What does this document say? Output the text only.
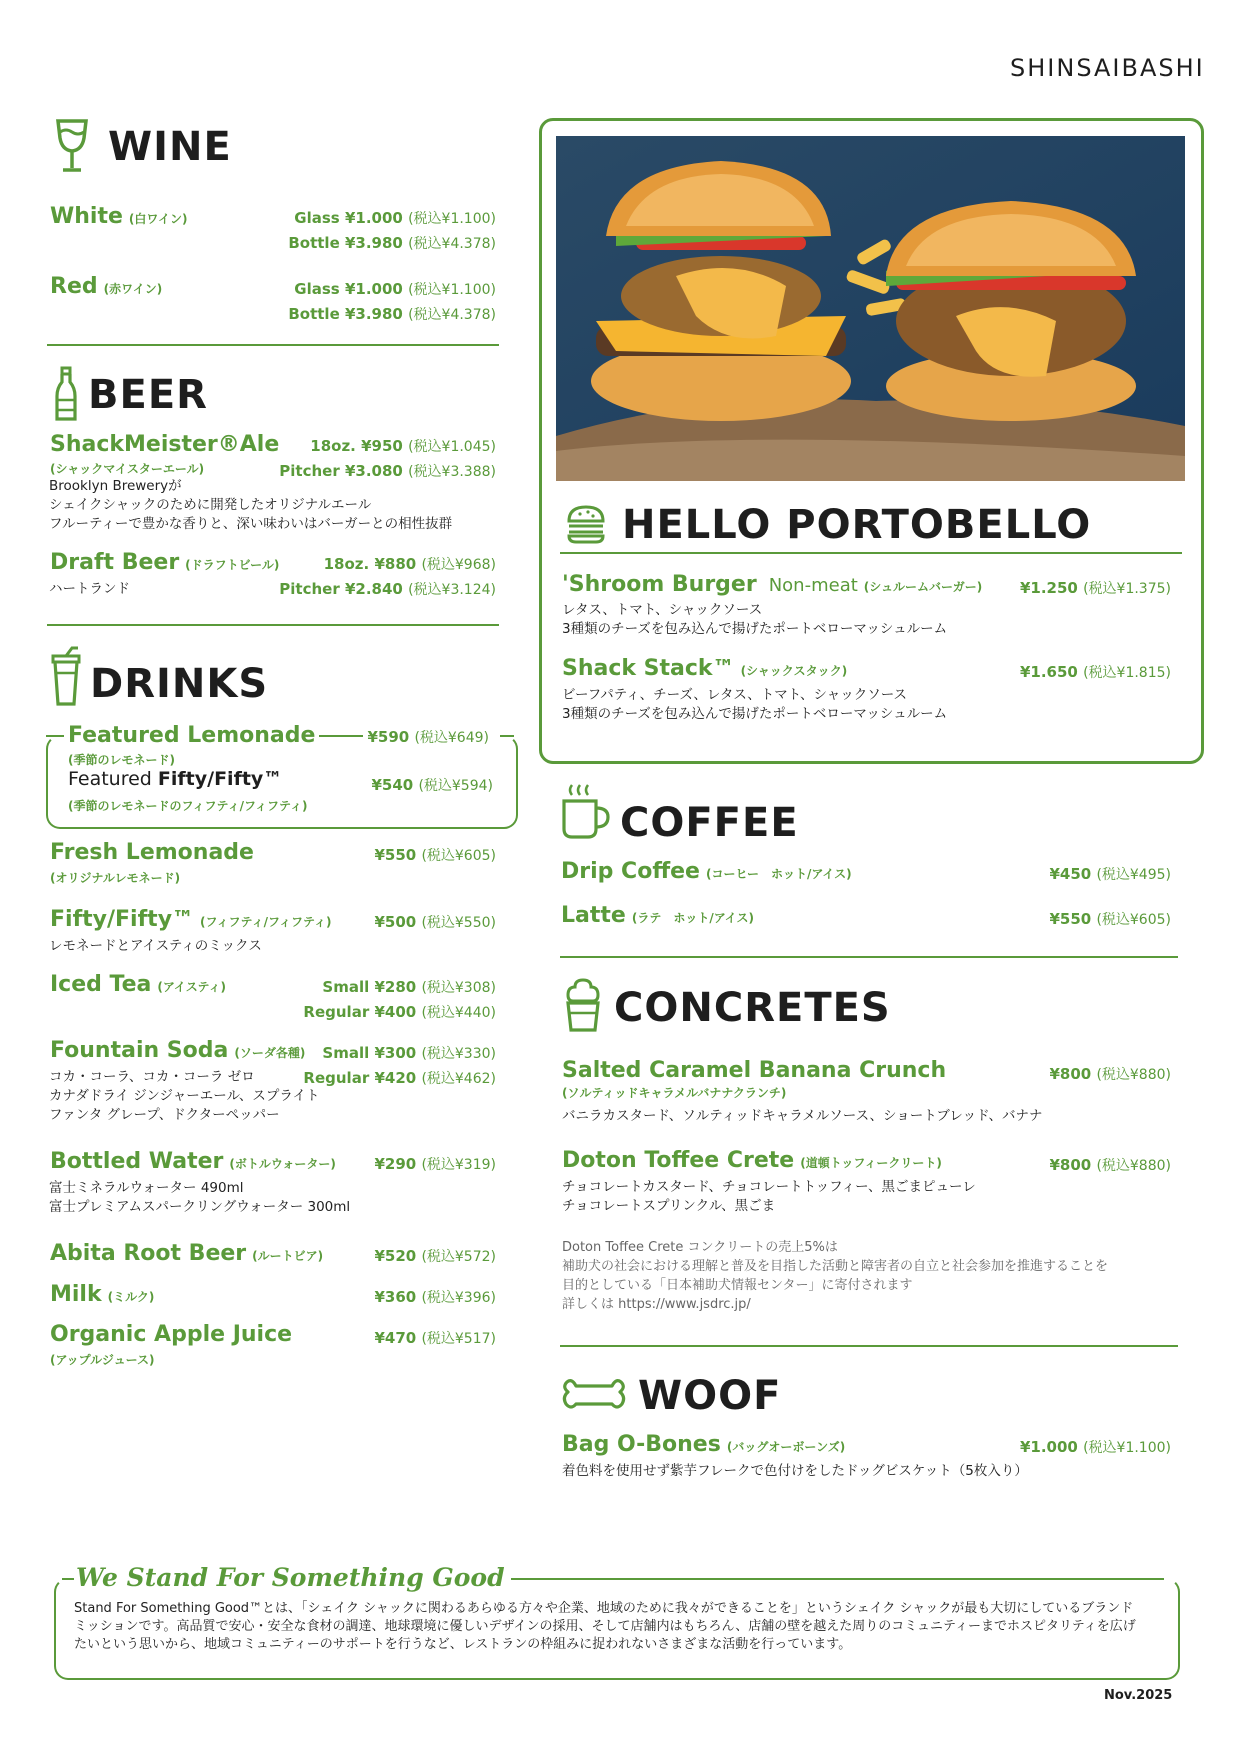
SHINSAIBASHI
WINE
White (白ワイン)	Glass ¥1.000 (税込¥1.100)
Bottle ¥3.980 (税込¥4.378)
Red (赤ワイン)	Glass ¥1.000 (税込¥1.100)
Bottle ¥3.980 (税込¥4.378)
BEER
ShackMeister®Ale
(シャックマイスターエール)
Brooklyn Breweryが
シェイクシャックのために開発したオリジナルエール
フルーティーで豊かな香りと、深い味わいはバーガーとの相性抜群
18oz. ¥950 (税込¥1.045)
Pitcher ¥3.080 (税込¥3.388)
Draft Beer (ドラフトビール)
ハートランド
18oz. ¥880 (税込¥968)
Pitcher ¥2.840 (税込¥3.124)
DRINKS
Featured Lemonade
(季節のレモネード)
¥590 (税込¥649)
Featured Fifty/Fifty™
(季節のレモネードのフィフティ/フィフティ)
¥540 (税込¥594)
Fresh Lemonade
(オリジナルレモネード)
¥550 (税込¥605)
Fifty/Fifty™ (フィフティ/フィフティ)
レモネードとアイスティのミックス
¥500 (税込¥550)
Iced Tea (アイスティ)	Small ¥280 (税込¥308)
Regular ¥400 (税込¥440)
Fountain Soda (ソーダ各種)
コカ・コーラ、コカ・コーラ ゼロ
カナダドライ ジンジャーエール、スプライト
ファンタ グレープ、ドクターペッパー
Small ¥300 (税込¥330)
Regular ¥420 (税込¥462)
Bottled Water (ボトルウォーター)
富士ミネラルウォーター 490ml
富士プレミアムスパークリングウォーター 300ml
¥290 (税込¥319)
Abita Root Beer (ルートビア)	¥520 (税込¥572)
Milk (ミルク)	¥360 (税込¥396)
Organic Apple Juice
(アップルジュース)
¥470 (税込¥517)
HELLO PORTOBELLO
'Shroom Burger Non-meat (シュルームバーガー)
レタス、トマト、シャックソース
3種類のチーズを包み込んで揚げたポートベローマッシュルーム
¥1.250 (税込¥1.375)
Shack Stack™ (シャックスタック)
ビーフパティ、チーズ、レタス、トマト、シャックソース
3種類のチーズを包み込んで揚げたポートベローマッシュルーム
¥1.650 (税込¥1.815)
COFFEE
Drip Coffee (コーヒー　ホット/アイス)	¥450 (税込¥495)
Latte (ラテ　ホット/アイス)	¥550 (税込¥605)
CONCRETES
Salted Caramel Banana Crunch
(ソルティッドキャラメルバナナクランチ)
バニラカスタード、ソルティッドキャラメルソース、ショートブレッド、バナナ
¥800 (税込¥880)
Doton Toffee Crete (道頓トッフィークリート)
チョコレートカスタード、チョコレートトッフィー、黒ごまピューレ
チョコレートスプリンクル、黒ごま
¥800 (税込¥880)
Doton Toffee Crete コンクリートの売上5%は
補助犬の社会における理解と普及を目指した活動と障害者の自立と社会参加を推進することを
目的としている「日本補助犬情報センター」に寄付されます
詳しくは https://www.jsdrc.jp/
WOOF
Bag O-Bones (バッグオーボーンズ)
着色料を使用せず紫芋フレークで色付けをしたドッグビスケット（5枚入り）
¥1.000 (税込¥1.100)
We Stand For Something Good
Stand For Something Good™とは、「シェイク シャックに関わるあらゆる方々や企業、地域のために我々ができることを」というシェイク シャックが最も大切にしているブランド
ミッションです。高品質で安心・安全な食材の調達、地球環境に優しいデザインの採用、そして店舗内はもちろん、店舗の壁を越えた周りのコミュニティーまでホスピタリティを広げ
たいという思いから、地域コミュニティーのサポートを行うなど、レストランの枠組みに捉われないさまざまな活動を行っています。
Nov.2025
